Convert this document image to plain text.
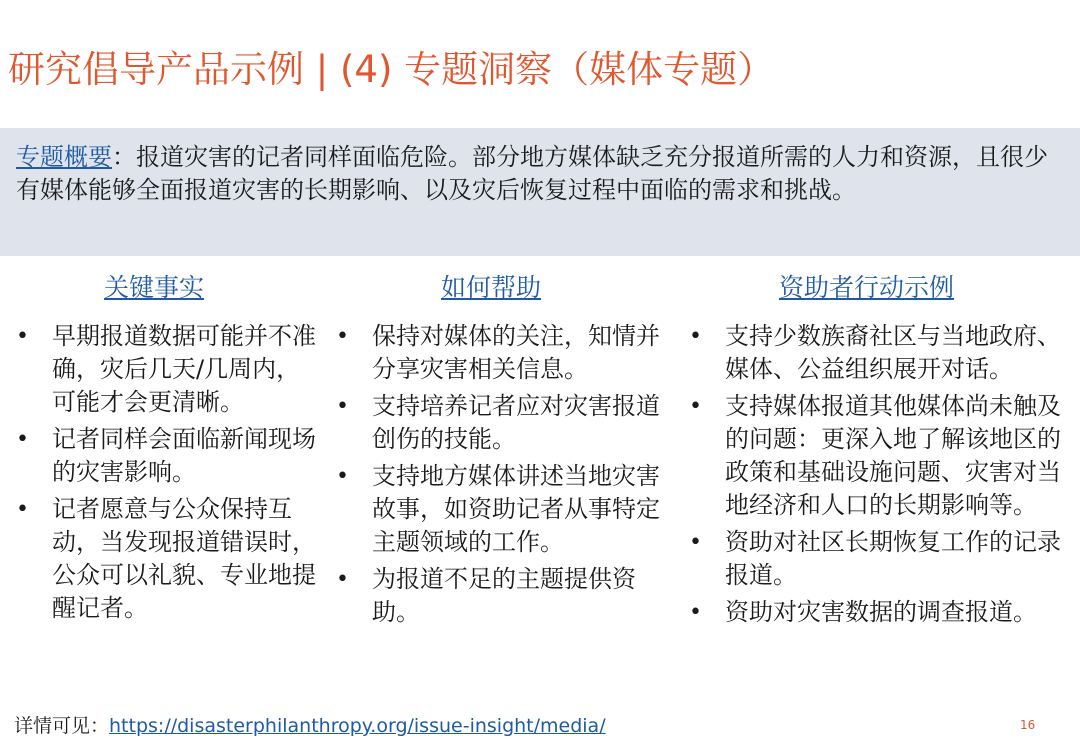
研究倡导产品示例 | (4) 专题洞察（媒体专题）
专题概要：报道灾害的记者同样面临危险。部分地方媒体缺乏充分报道所需的人力和资源，且很少有媒体能够全面报道灾害的长期影响、以及灾后恢复过程中面临的需求和挑战。
关键事实
• 早期报道数据可能并不准确，灾后几天/几周内，可能才会更清晰。
• 记者同样会面临新闻现场的灾害影响。
• 记者愿意与公众保持互动，当发现报道错误时，公众可以礼貌、专业地提醒记者。
如何帮助
• 保持对媒体的关注，知情并分享灾害相关信息。
• 支持培养记者应对灾害报道创伤的技能。
• 支持地方媒体讲述当地灾害故事，如资助记者从事特定主题领域的工作。
• 为报道不足的主题提供资助。
资助者行动示例
• 支持少数族裔社区与当地政府、媒体、公益组织展开对话。
• 支持媒体报道其他媒体尚未触及的问题：更深入地了解该地区的政策和基础设施问题、灾害对当地经济和人口的长期影响等。
• 资助对社区长期恢复工作的记录报道。
• 资助对灾害数据的调查报道。
详情可见：https://disasterphilanthropy.org/issue-insight/media/	16
